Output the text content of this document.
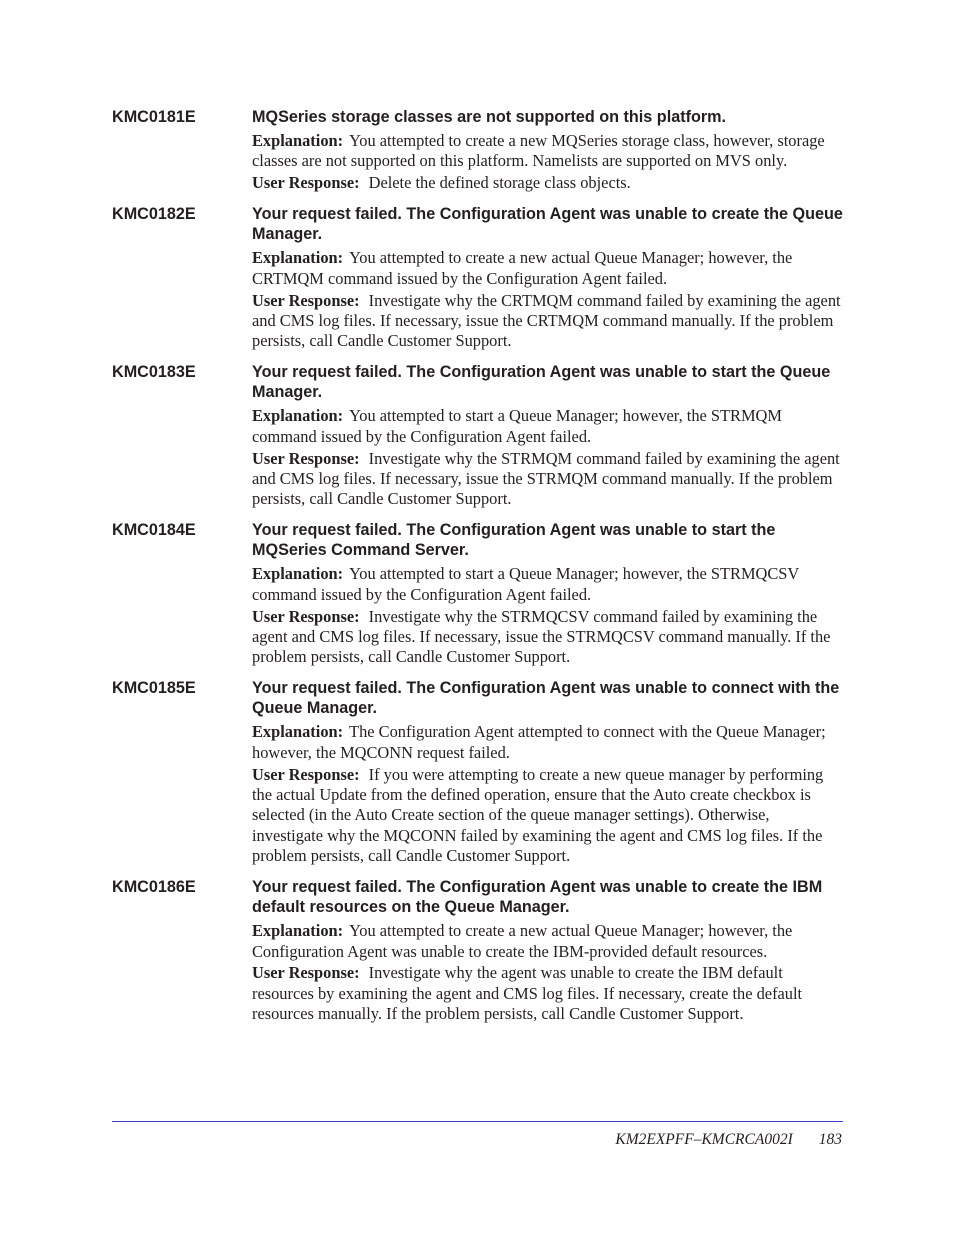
KMC0181E	MQSeries storage classes are not supported on this platform.
Explanation: You attempted to create a new MQSeries storage class, however, storage classes are not supported on this platform. Namelists are supported on MVS only.
User Response: Delete the defined storage class objects.
KMC0182E	Your request failed. The Configuration Agent was unable to create the Queue Manager.
Explanation: You attempted to create a new actual Queue Manager; however, the CRTMQM command issued by the Configuration Agent failed.
User Response: Investigate why the CRTMQM command failed by examining the agent and CMS log files. If necessary, issue the CRTMQM command manually. If the problem persists, call Candle Customer Support.
KMC0183E	Your request failed. The Configuration Agent was unable to start the Queue Manager.
Explanation: You attempted to start a Queue Manager; however, the STRMQM command issued by the Configuration Agent failed.
User Response: Investigate why the STRMQM command failed by examining the agent and CMS log files. If necessary, issue the STRMQM command manually. If the problem persists, call Candle Customer Support.
KMC0184E	Your request failed. The Configuration Agent was unable to start the MQSeries Command Server.
Explanation: You attempted to start a Queue Manager; however, the STRMQCSV command issued by the Configuration Agent failed.
User Response: Investigate why the STRMQCSV command failed by examining the agent and CMS log files. If necessary, issue the STRMQCSV command manually. If the problem persists, call Candle Customer Support.
KMC0185E	Your request failed. The Configuration Agent was unable to connect with the Queue Manager.
Explanation: The Configuration Agent attempted to connect with the Queue Manager; however, the MQCONN request failed.
User Response: If you were attempting to create a new queue manager by performing the actual Update from the defined operation, ensure that the Auto create checkbox is selected (in the Auto Create section of the queue manager settings). Otherwise, investigate why the MQCONN failed by examining the agent and CMS log files. If the problem persists, call Candle Customer Support.
KMC0186E	Your request failed. The Configuration Agent was unable to create the IBM default resources on the Queue Manager.
Explanation: You attempted to create a new actual Queue Manager; however, the Configuration Agent was unable to create the IBM-provided default resources.
User Response: Investigate why the agent was unable to create the IBM default resources by examining the agent and CMS log files. If necessary, create the default resources manually. If the problem persists, call Candle Customer Support.
KM2EXPFF–KMCRCA002I 183
